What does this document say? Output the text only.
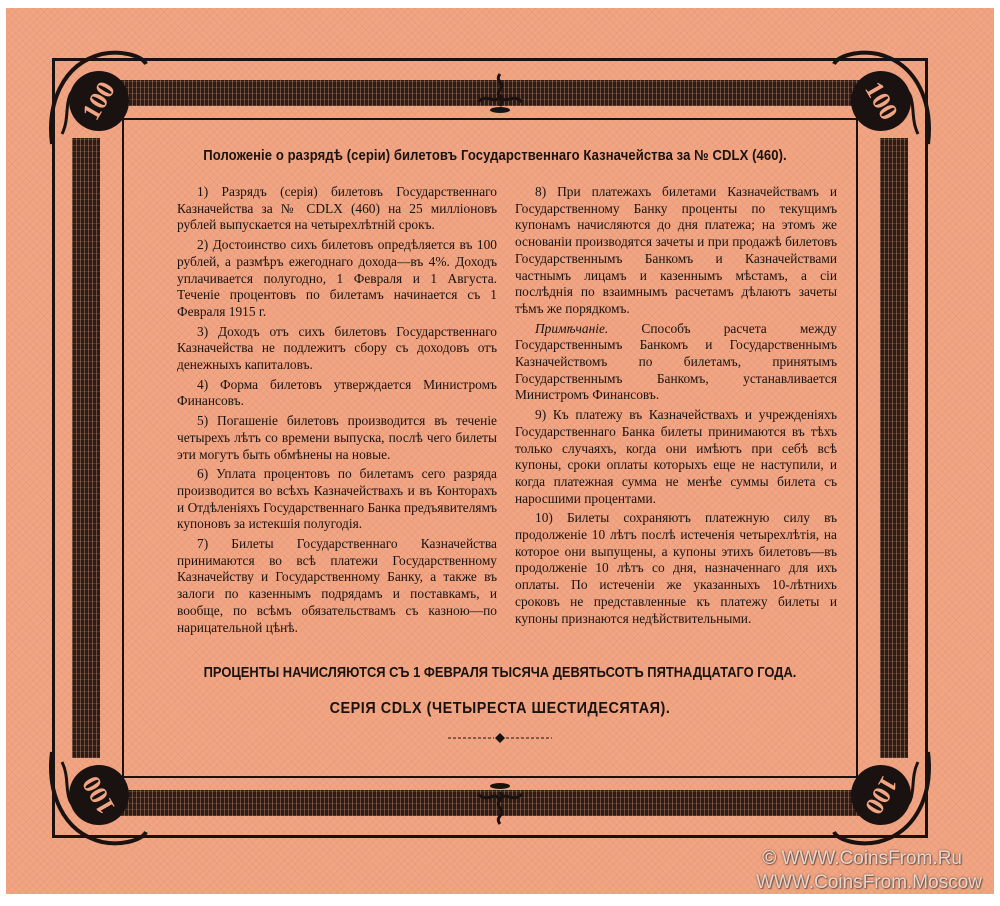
100	100
100	100
Положеніе о разрядѣ (серіи) билетовъ Государственнаго Казначейства за № CDLX (460).

1) Разрядъ (серія) билетовъ Государственнаго Казначейства за № CDLX (460) на 25 милліоновъ рублей выпускается на четырехлѣтній срокъ.

2) Достоинство сихъ билетовъ опредѣляется въ 100 рублей, а размѣръ ежегоднаго дохода—въ 4%. Доходъ уплачивается полугодно, 1 Февраля и 1 Августа. Теченіе процентовъ по билетамъ начинается съ 1 Февраля 1915 г.

3) Доходъ отъ сихъ билетовъ Государственнаго Казначейства не подлежитъ сбору съ доходовъ отъ денежныхъ капиталовъ.

4) Форма билетовъ утверждается Министромъ Финансовъ.

5) Погашеніе билетовъ производится въ теченіе четырехъ лѣтъ со времени выпуска, послѣ чего билеты эти могутъ быть обмѣнены на новые.

6) Уплата процентовъ по билетамъ сего разряда производится во всѣхъ Казначействахъ и въ Конторахъ и Отдѣленіяхъ Государственнаго Банка предъявителямъ купоновъ за истекшія полугодія.

7) Билеты Государственнаго Казначейства принимаются во всѣ платежи Государственному Казначейству и Государственному Банку, а также въ залоги по казеннымъ подрядамъ и поставкамъ, и вообще, по всѣмъ обязательствамъ съ казною—по нарицательной цѣнѣ.

8) При платежахъ билетами Казначействамъ и Государственному Банку проценты по текущимъ купонамъ начисляются до дня платежа; на этомъ же основаніи производятся зачеты и при продажѣ билетовъ Государственнымъ Банкомъ и Казначействами частнымъ лицамъ и казеннымъ мѣстамъ, а сіи послѣднія по взаимнымъ расчетамъ дѣлаютъ зачеты тѣмъ же порядкомъ.

Примѣчаніе. Способъ расчета между Государственнымъ Банкомъ и Государственнымъ Казначействомъ по билетамъ, принятымъ Государственнымъ Банкомъ, устанавливается Министромъ Финансовъ.

9) Къ платежу въ Казначействахъ и учрежденіяхъ Государственнаго Банка билеты принимаются въ тѣхъ только случаяхъ, когда они имѣютъ при себѣ всѣ купоны, сроки оплаты которыхъ еще не наступили, и когда платежная сумма не менѣе суммы билета съ наросшими процентами.

10) Билеты сохраняютъ платежную силу въ продолженіе 10 лѣтъ послѣ истеченія четырехлѣтія, на которое они выпущены, а купоны этихъ билетовъ—въ продолженіе 10 лѣтъ со дня, назначеннаго для ихъ оплаты. По истеченіи же указанныхъ 10-лѣтнихъ сроковъ не представленные къ платежу билеты и купоны признаются недѣйствительными.

ПРОЦЕНТЫ НАЧИСЛЯЮТСЯ СЪ 1 ФЕВРАЛЯ ТЫСЯЧА ДЕВЯТЬСОТЪ ПЯТНАДЦАТАГО ГОДА.
СЕРІЯ CDLX (ЧЕТЫРЕСТА ШЕСТИДЕСЯТАЯ).
© WWW.CoinsFrom.Ru
WWW.CoinsFrom.Moscow
